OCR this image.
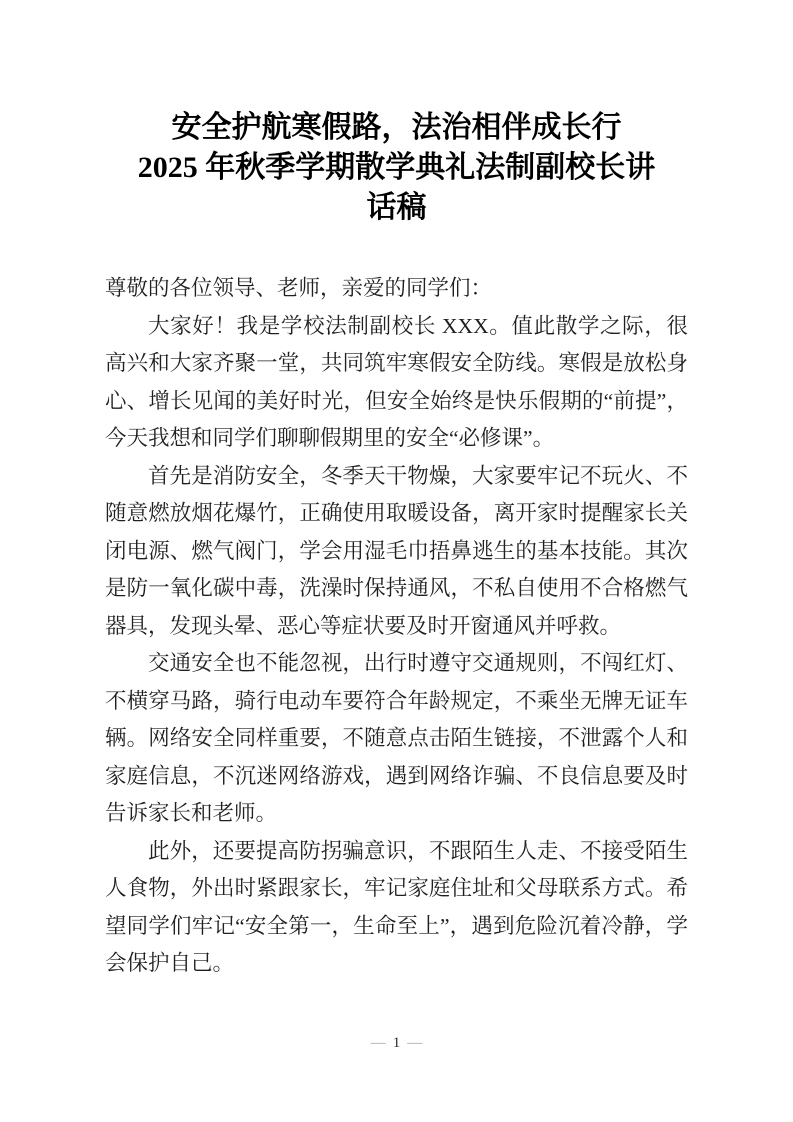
安全护航寒假路，法治相伴成长行
2025 年秋季学期散学典礼法制副校长讲
话稿

尊敬的各位领导、老师，亲爱的同学们：

大家好！我是学校法制副校长 XXX。值此散学之际，很高兴和大家齐聚一堂，共同筑牢寒假安全防线。寒假是放松身心、增长见闻的美好时光，但安全始终是快乐假期的“前提”，今天我想和同学们聊聊假期里的安全“必修课”。

首先是消防安全，冬季天干物燥，大家要牢记不玩火、不随意燃放烟花爆竹，正确使用取暖设备，离开家时提醒家长关闭电源、燃气阀门，学会用湿毛巾捂鼻逃生的基本技能。其次是防一氧化碳中毒，洗澡时保持通风，不私自使用不合格燃气器具，发现头晕、恶心等症状要及时开窗通风并呼救。

交通安全也不能忽视，出行时遵守交通规则，不闯红灯、不横穿马路，骑行电动车要符合年龄规定，不乘坐无牌无证车辆。网络安全同样重要，不随意点击陌生链接，不泄露个人和家庭信息，不沉迷网络游戏，遇到网络诈骗、不良信息要及时告诉家长和老师。

此外，还要提高防拐骗意识，不跟陌生人走、不接受陌生人食物，外出时紧跟家长，牢记家庭住址和父母联系方式。希望同学们牢记“安全第一，生命至上”，遇到危险沉着冷静，学会保护自己。

— 1 —
